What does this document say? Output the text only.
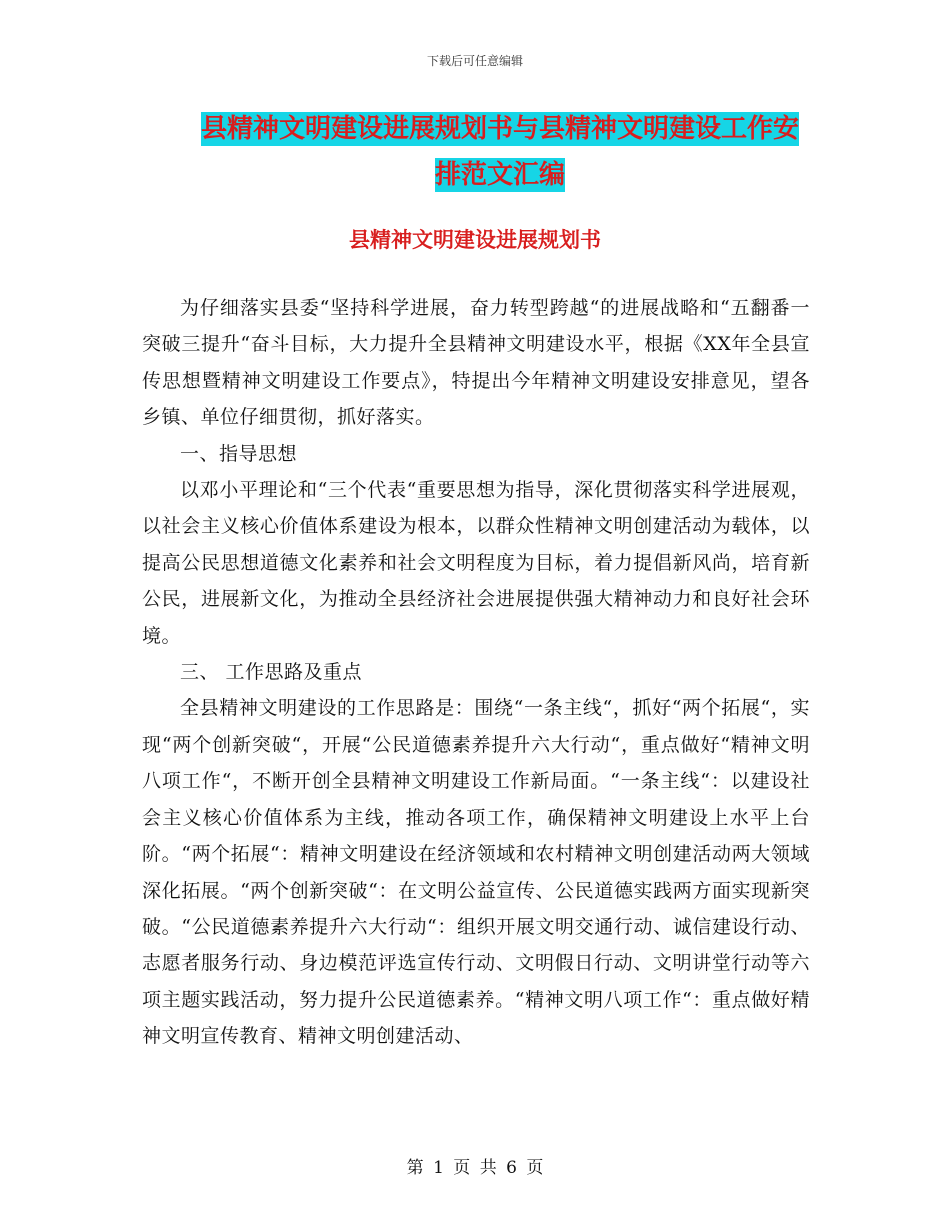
下载后可任意编辑
县精神文明建设进展规划书与县精神文明建设工作安
排范文汇编
县精神文明建设进展规划书

为仔细落实县委“坚持科学进展，奋力转型跨越“的进展战略和“五翻番一突破三提升“奋斗目标，大力提升全县精神文明建设水平，根据《XX年全县宣传思想暨精神文明建设工作要点》，特提出今年精神文明建设安排意见，望各乡镇、单位仔细贯彻，抓好落实。

一、指导思想

以邓小平理论和“三个代表“重要思想为指导，深化贯彻落实科学进展观，以社会主义核心价值体系建设为根本，以群众性精神文明创建活动为载体，以提高公民思想道德文化素养和社会文明程度为目标，着力提倡新风尚，培育新公民，进展新文化，为推动全县经济社会进展提供强大精神动力和良好社会环境。

三、 工作思路及重点

全县精神文明建设的工作思路是：围绕“一条主线“，抓好“两个拓展“，实现“两个创新突破“，开展“公民道德素养提升六大行动“，重点做好“精神文明八项工作“，不断开创全县精神文明建设工作新局面。“一条主线“：以建设社会主义核心价值体系为主线，推动各项工作，确保精神文明建设上水平上台阶。“两个拓展“：精神文明建设在经济领域和农村精神文明创建活动两大领域深化拓展。“两个创新突破“：在文明公益宣传、公民道德实践两方面实现新突破。“公民道德素养提升六大行动“：组织开展文明交通行动、诚信建设行动、志愿者服务行动、身边模范评选宣传行动、文明假日行动、文明讲堂行动等六项主题实践活动，努力提升公民道德素养。“精神文明八项工作“：重点做好精神文明宣传教育、精神文明创建活动、

第 1 页 共 6 页
